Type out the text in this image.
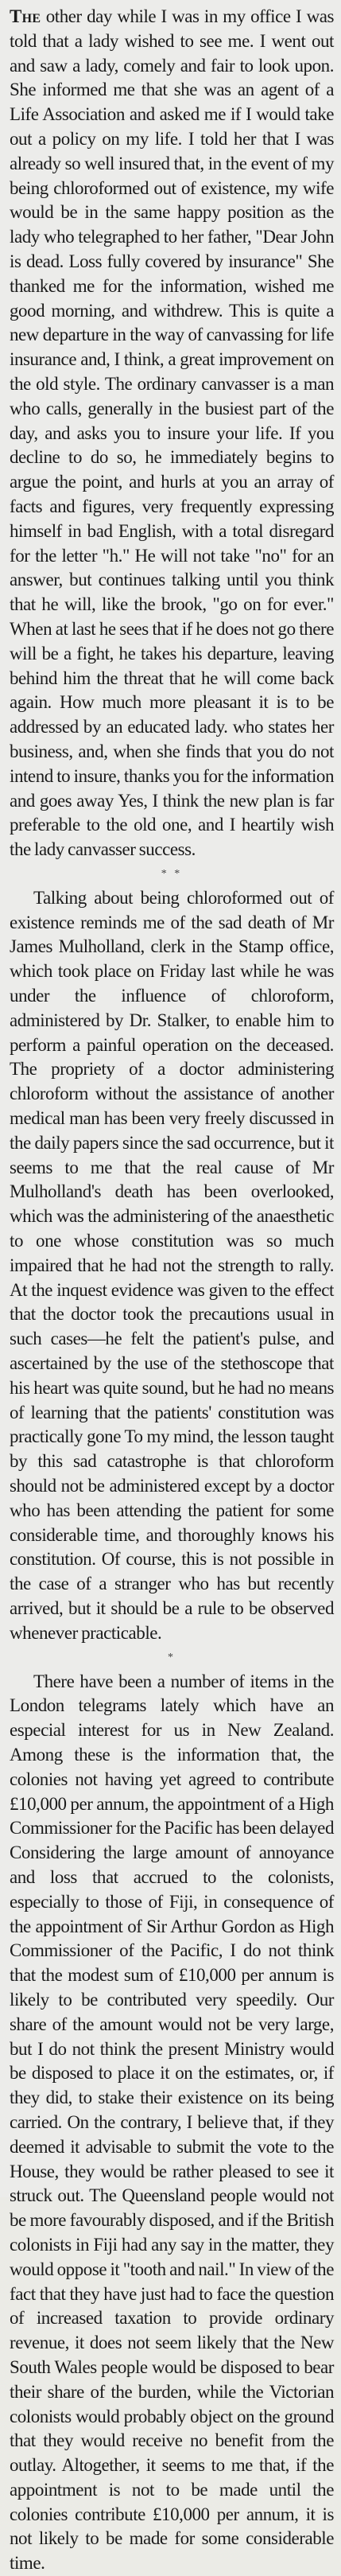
The other day while I was in my office I was told that a lady wished to see me. I went out and saw a lady, comely and fair to look upon. She informed me that she was an agent of a Life Association and asked me if I would take out a policy on my life. I told her that I was already so well insured that, in the event of my being chloroformed out of existence, my wife would be in the same happy position as the lady who telegraphed to her father, "Dear John is dead. Loss fully covered by insurance" She thanked me for the information, wished me good morning, and withdrew. This is quite a new departure in the way of canvassing for life insurance and, I think, a great improvement on the old style. The ordinary canvasser is a man who calls, generally in the busiest part of the day, and asks you to insure your life. If you decline to do so, he immediately begins to argue the point, and hurls at you an array of facts and figures, very frequently expressing himself in bad English, with a total disregard for the letter "h." He will not take "no" for an answer, but continues talking until you think that he will, like the brook, "go on for ever." When at last he sees that if he does not go there will be a fight, he takes his departure, leaving behind him the threat that he will come back again. How much more pleasant it is to be addressed by an educated lady. who states her business, and, when she finds that you do not intend to insure, thanks you for the information and goes away Yes, I think the new plan is far preferable to the old one, and I heartily wish the lady canvasser success.

* *

Talking about being chloroformed out of existence reminds me of the sad death of Mr James Mulholland, clerk in the Stamp office, which took place on Friday last while he was under the influence of chloroform, administered by Dr. Stalker, to enable him to perform a painful operation on the deceased. The propriety of a doctor administering chloroform without the assistance of another medical man has been very freely discussed in the daily papers since the sad occurrence, but it seems to me that the real cause of Mr Mulholland's death has been overlooked, which was the administering of the anaesthetic to one whose constitution was so much impaired that he had not the strength to rally. At the inquest evidence was given to the effect that the doctor took the precautions usual in such cases—he felt the patient's pulse, and ascertained by the use of the stethoscope that his heart was quite sound, but he had no means of learning that the patients' constitution was practically gone To my mind, the lesson taught by this sad catastrophe is that chloroform should not be administered except by a doctor who has been attending the patient for some considerable time, and thoroughly knows his constitution. Of course, this is not possible in the case of a stranger who has but recently arrived, but it should be a rule to be observed whenever practicable.

*

There have been a number of items in the London telegrams lately which have an especial interest for us in New Zealand. Among these is the information that, the colonies not having yet agreed to contribute £10,000 per annum, the appointment of a High Commissioner for the Pacific has been delayed Considering the large amount of annoyance and loss that accrued to the colonists, especially to those of Fiji, in consequence of the appointment of Sir Arthur Gordon as High Commissioner of the Pacific, I do not think that the modest sum of £10,000 per annum is likely to be contributed very speedily. Our share of the amount would not be very large, but I do not think the present Ministry would be disposed to place it on the estimates, or, if they did, to stake their existence on its being carried. On the contrary, I believe that, if they deemed it advisable to submit the vote to the House, they would be rather pleased to see it struck out. The Queensland people would not be more favourably disposed, and if the British colonists in Fiji had any say in the matter, they would oppose it "tooth and nail." In view of the fact that they have just had to face the question of increased taxation to provide ordinary revenue, it does not seem likely that the New South Wales people would be disposed to bear their share of the burden, while the Victorian colonists would probably object on the ground that they would receive no benefit from the outlay. Altogether, it seems to me that, if the appointment is not to be made until the colonies contribute £10,000 per annum, it is not likely to be made for some considerable time.
